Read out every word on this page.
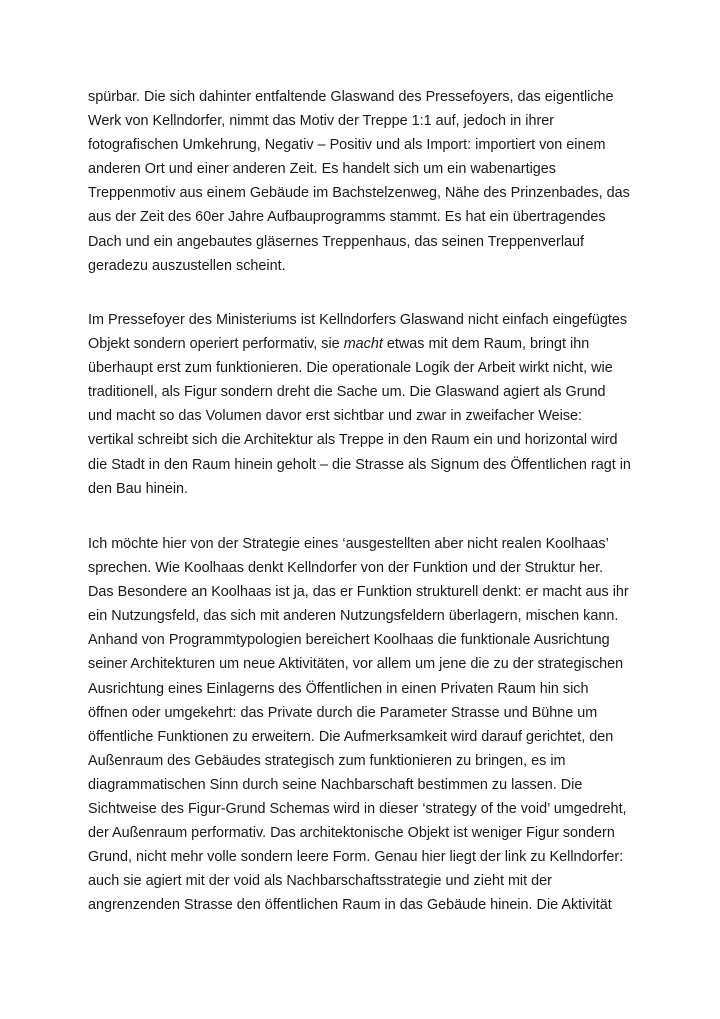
spürbar. Die sich dahinter entfaltende Glaswand des Pressefoyers, das eigentliche
Werk von Kellndorfer, nimmt das Motiv der Treppe 1:1 auf, jedoch in ihrer
fotografischen Umkehrung, Negativ – Positiv und als Import: importiert von einem
anderen Ort und einer anderen Zeit. Es handelt sich um ein wabenartiges
Treppenmotiv aus einem Gebäude im Bachstelzenweg, Nähe des Prinzenbades, das
aus der Zeit des 60er Jahre Aufbauprogramms stammt. Es hat ein übertragendes
Dach und ein angebautes gläsernes Treppenhaus, das seinen Treppenverlauf
geradezu auszustellen scheint.
Im Pressefoyer des Ministeriums ist Kellndorfers Glaswand nicht einfach eingefügtes
Objekt sondern operiert performativ, sie macht etwas mit dem Raum, bringt ihn
überhaupt erst zum funktionieren. Die operationale Logik der Arbeit wirkt nicht, wie
traditionell, als Figur sondern dreht die Sache um. Die Glaswand agiert als Grund
und macht so das Volumen davor erst sichtbar und zwar in zweifacher Weise:
vertikal schreibt sich die Architektur als Treppe in den Raum ein und horizontal wird
die Stadt in den Raum hinein geholt – die Strasse als Signum des Öffentlichen ragt in
den Bau hinein.
Ich möchte hier von der Strategie eines ‘ausgestellten aber nicht realen Koolhaas’
sprechen. Wie Koolhaas denkt Kellndorfer von der Funktion und der Struktur her.
Das Besondere an Koolhaas ist ja, das er Funktion strukturell denkt: er macht aus ihr
ein Nutzungsfeld, das sich mit anderen Nutzungsfeldern überlagern, mischen kann.
Anhand von Programmtypologien bereichert Koolhaas die funktionale Ausrichtung
seiner Architekturen um neue Aktivitäten, vor allem um jene die zu der strategischen
Ausrichtung eines Einlagerns des Öffentlichen in einen Privaten Raum hin sich
öffnen oder umgekehrt: das Private durch die Parameter Strasse und Bühne um
öffentliche Funktionen zu erweitern. Die Aufmerksamkeit wird darauf gerichtet, den
Außenraum des Gebäudes strategisch zum funktionieren zu bringen, es im
diagrammatischen Sinn durch seine Nachbarschaft bestimmen zu lassen. Die
Sichtweise des Figur-Grund Schemas wird in dieser ‘strategy of the void’ umgedreht,
der Außenraum performativ. Das architektonische Objekt ist weniger Figur sondern
Grund, nicht mehr volle sondern leere Form. Genau hier liegt der link zu Kellndorfer:
auch sie agiert mit der void als Nachbarschaftsstrategie und zieht mit der
angrenzenden Strasse den öffentlichen Raum in das Gebäude hinein. Die Aktivität
